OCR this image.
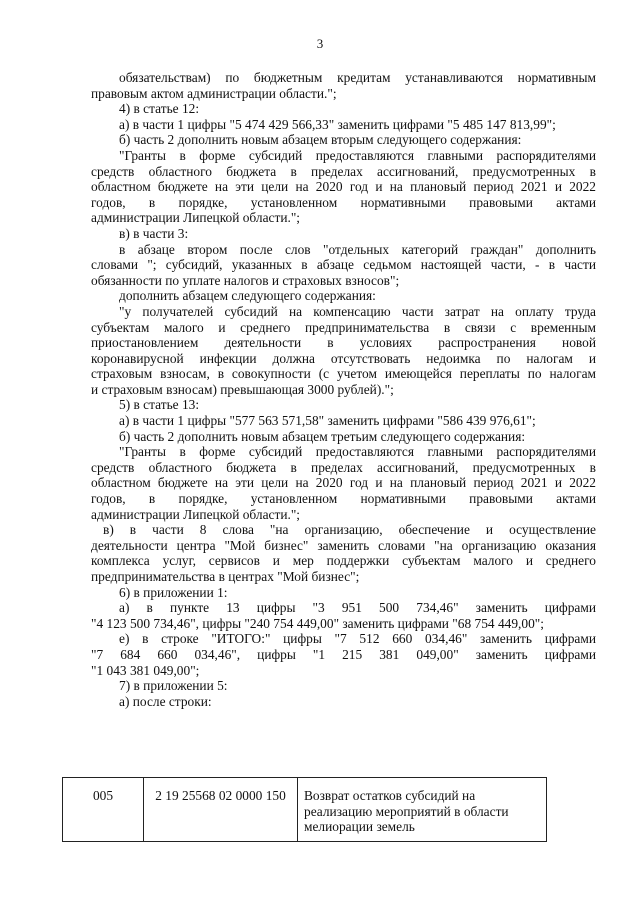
3

обязательствам) по бюджетным кредитам устанавливаются нормативным

правовым актом администрации области.";

4) в статье 12:

а) в части 1 цифры "5 474 429 566,33" заменить цифрами "5 485 147 813,99";

б) часть 2 дополнить новым абзацем вторым следующего содержания:

"Гранты в форме субсидий предоставляются главными распорядителями

средств областного бюджета в пределах ассигнований, предусмотренных в

областном бюджете на эти цели на 2020 год и на плановый период 2021 и 2022

годов, в порядке, установленном нормативными правовыми актами

администрации Липецкой области.";

в) в части 3:

в абзаце втором после слов "отдельных категорий граждан" дополнить

словами "; субсидий, указанных в абзаце седьмом настоящей части, - в части

обязанности по уплате налогов и страховых взносов";

дополнить абзацем следующего содержания:

"у получателей субсидий на компенсацию части затрат на оплату труда

субъектам малого и среднего предпринимательства в связи с временным

приостановлением деятельности в условиях распространения новой

коронавирусной инфекции должна отсутствовать недоимка по налогам и

страховым взносам, в совокупности (с учетом имеющейся переплаты по налогам

и страховым взносам) превышающая 3000 рублей).";

5) в статье 13:

а) в части 1 цифры "577 563 571,58" заменить цифрами "586 439 976,61";

б) часть 2 дополнить новым абзацем третьим следующего содержания:

"Гранты в форме субсидий предоставляются главными распорядителями

средств областного бюджета в пределах ассигнований, предусмотренных в

областном бюджете на эти цели на 2020 год и на плановый период 2021 и 2022

годов, в порядке, установленном нормативными правовыми актами

администрации Липецкой области.";

в) в части 8 слова "на организацию, обеспечение и осуществление

деятельности центра "Мой бизнес" заменить словами "на организацию оказания

комплекса услуг, сервисов и мер поддержки субъектам малого и среднего

предпринимательства в центрах "Мой бизнес";

6) в приложении 1:

а) в пункте 13 цифры "3 951 500 734,46" заменить цифрами

"4 123 500 734,46", цифры "240 754 449,00" заменить цифрами "68 754 449,00";

е) в строке "ИТОГО:" цифры "7 512 660 034,46" заменить цифрами

"7 684 660 034,46", цифры "1 215 381 049,00" заменить цифрами

"1 043 381 049,00";

7) в приложении 5:

а) после строки:

005	2 19 25568 02 0000 150	Возврат остатков субсидий на реализацию мероприятий в области мелиорации земель
